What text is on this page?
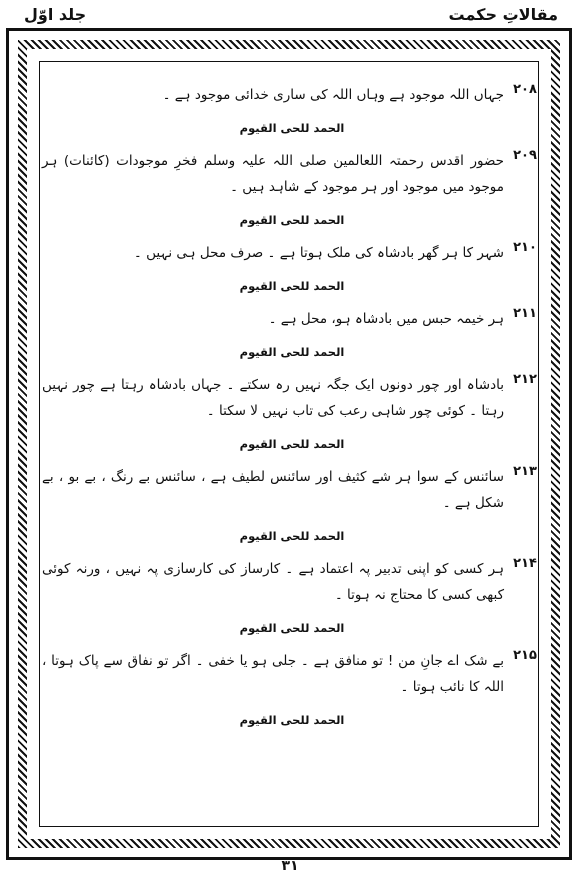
مقالاتِ حکمت
جلد اوّل
۲۰۸
جہاں اللہ موجود ہے وہاں اللہ کی ساری خدائی موجود ہے ۔
الحمد للحی القیوم
۲۰۹
حضور اقدس رحمتہ اللعالمین صلی اللہ علیہ وسلم فخرِ موجودات (کائنات) ہر موجود میں موجود اور ہر موجود کے شاہد ہیں ۔
الحمد للحی القیوم
۲۱۰
شہر کا ہر گھر بادشاہ کی ملک ہوتا ہے ۔ صرف محل ہی نہیں ۔
الحمد للحی القیوم
۲۱۱
ہر خیمہ حبس میں بادشاہ ہو، محل ہے ۔
الحمد للحی القیوم
۲۱۲
بادشاہ اور چور دونوں ایک جگہ نہیں رہ سکتے ۔ جہاں بادشاہ رہتا ہے چور نہیں رہتا ۔ کوئی چور شاہی رعب کی تاب نہیں لا سکتا ۔
الحمد للحی القیوم
۲۱۳
سائنس کے سوا ہر شے کثیف اور سائنس لطیف ہے ، سائنس بے رنگ ، بے بو ، بے شکل ہے ۔
الحمد للحی القیوم
۲۱۴
ہر کسی کو اپنی تدبیر پہ اعتماد ہے ۔ کارساز کی کارسازی پہ نہیں ، ورنہ کوئی کبھی کسی کا محتاج نہ ہوتا ۔
الحمد للحی القیوم
۲۱۵
بے شک اے جانِ من ! تو منافق ہے ۔ جلی ہو یا خفی ۔ اگر تو نفاق سے پاک ہوتا ، اللہ کا نائب ہوتا ۔
الحمد للحی القیوم
۳۱
